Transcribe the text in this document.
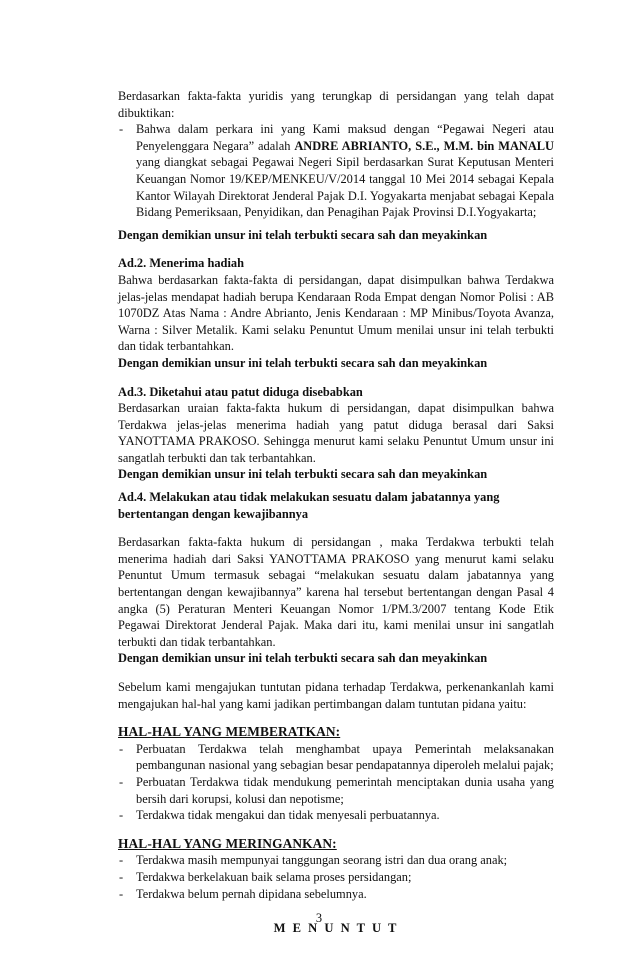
Berdasarkan fakta-fakta yuridis yang terungkap di persidangan yang telah dapat dibuktikan:

- Bahwa dalam perkara ini yang Kami maksud dengan “Pegawai Negeri atau Penyelenggara Negara” adalah ANDRE ABRIANTO, S.E., M.M. bin MANALU yang diangkat sebagai Pegawai Negeri Sipil berdasarkan Surat Keputusan Menteri Keuangan Nomor 19/KEP/MENKEU/V/2014 tanggal 10 Mei 2014 sebagai Kepala Kantor Wilayah Direktorat Jenderal Pajak D.I. Yogyakarta menjabat sebagai Kepala Bidang Pemeriksaan, Penyidikan, dan Penagihan Pajak Provinsi D.I.Yogyakarta;

Dengan demikian unsur ini telah terbukti secara sah dan meyakinkan

Ad.2. Menerima hadiah

Bahwa berdasarkan fakta-fakta di persidangan, dapat disimpulkan bahwa Terdakwa jelas-jelas mendapat hadiah berupa Kendaraan Roda Empat dengan Nomor Polisi : AB 1070DZ Atas Nama : Andre Abrianto, Jenis Kendaraan : MP Minibus/Toyota Avanza, Warna : Silver Metalik. Kami selaku Penuntut Umum menilai unsur ini telah terbukti dan tidak terbantahkan.

Dengan demikian unsur ini telah terbukti secara sah dan meyakinkan

Ad.3. Diketahui atau patut diduga disebabkan

Berdasarkan uraian fakta-fakta hukum di persidangan, dapat disimpulkan bahwa Terdakwa jelas-jelas menerima hadiah yang patut diduga berasal dari Saksi YANOTTAMA PRAKOSO. Sehingga menurut kami selaku Penuntut Umum unsur ini sangatlah terbukti dan tak terbantahkan.

Dengan demikian unsur ini telah terbukti secara sah dan meyakinkan

Ad.4. Melakukan atau tidak melakukan sesuatu dalam jabatannya yang

bertentangan dengan kewajibannya

Berdasarkan fakta-fakta hukum di persidangan , maka Terdakwa terbukti telah menerima hadiah dari Saksi YANOTTAMA PRAKOSO yang menurut kami selaku Penuntut Umum termasuk sebagai “melakukan sesuatu dalam jabatannya yang bertentangan dengan kewajibannya” karena hal tersebut bertentangan dengan Pasal 4 angka (5) Peraturan Menteri Keuangan Nomor 1/PM.3/2007 tentang Kode Etik Pegawai Direktorat Jenderal Pajak. Maka dari itu, kami menilai unsur ini sangatlah terbukti dan tidak terbantahkan.

Dengan demikian unsur ini telah terbukti secara sah dan meyakinkan

Sebelum kami mengajukan tuntutan pidana terhadap Terdakwa, perkenankanlah kami mengajukan hal-hal yang kami jadikan pertimbangan dalam tuntutan pidana yaitu:

HAL-HAL YANG MEMBERATKAN:

- Perbuatan Terdakwa telah menghambat upaya Pemerintah melaksanakan pembangunan nasional yang sebagian besar pendapatannya diperoleh melalui pajak;
- Perbuatan Terdakwa tidak mendukung pemerintah menciptakan dunia usaha yang bersih dari korupsi, kolusi dan nepotisme;
- Terdakwa tidak mengakui dan tidak menyesali perbuatannya.

HAL-HAL YANG MERINGANKAN:

- Terdakwa masih mempunyai tanggungan seorang istri dan dua orang anak;
- Terdakwa berkelakuan baik selama proses persidangan;
- Terdakwa belum pernah dipidana sebelumnya.

M E N U N T U T

3
